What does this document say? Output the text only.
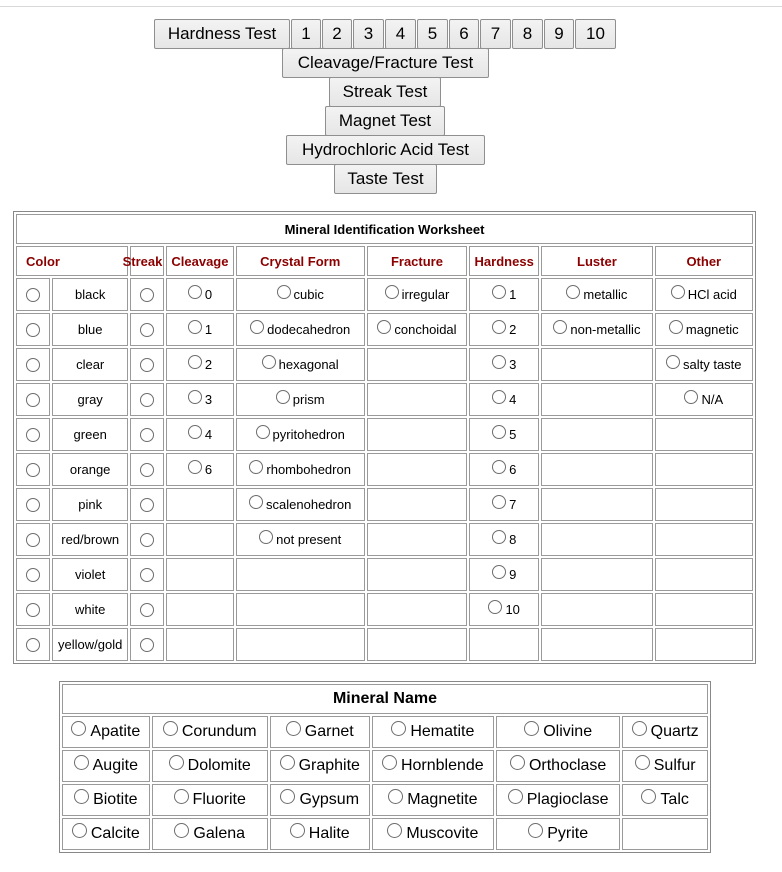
Hardness Test	1	2	3	4	5	6	7	8	9	10
Cleavage/Fracture Test
Streak Test
Magnet Test
Hydrochloric Acid Test
Taste Test
Mineral Identification Worksheet								
Color		Streak	Cleavage	Crystal Form	Fracture	Hardness	Luster	Other
	black		0	cubic	irregular	1	metallic	HCl acid
	blue		1	dodecahedron	conchoidal	2	non-metallic	magnetic
	clear		2	hexagonal		3		salty taste
	gray		3	prism		4		N/A
	green		4	pyritohedron		5		
	orange		6	rhombohedron		6		
	pink			scalenohedron		7		
	red/brown			not present		8		
	violet					9		
	white					10		
	yellow/gold							
Mineral Name					
Apatite	Corundum	Garnet	Hematite	Olivine	Quartz
Augite	Dolomite	Graphite	Hornblende	Orthoclase	Sulfur
Biotite	Fluorite	Gypsum	Magnetite	Plagioclase	Talc
Calcite	Galena	Halite	Muscovite	Pyrite	
